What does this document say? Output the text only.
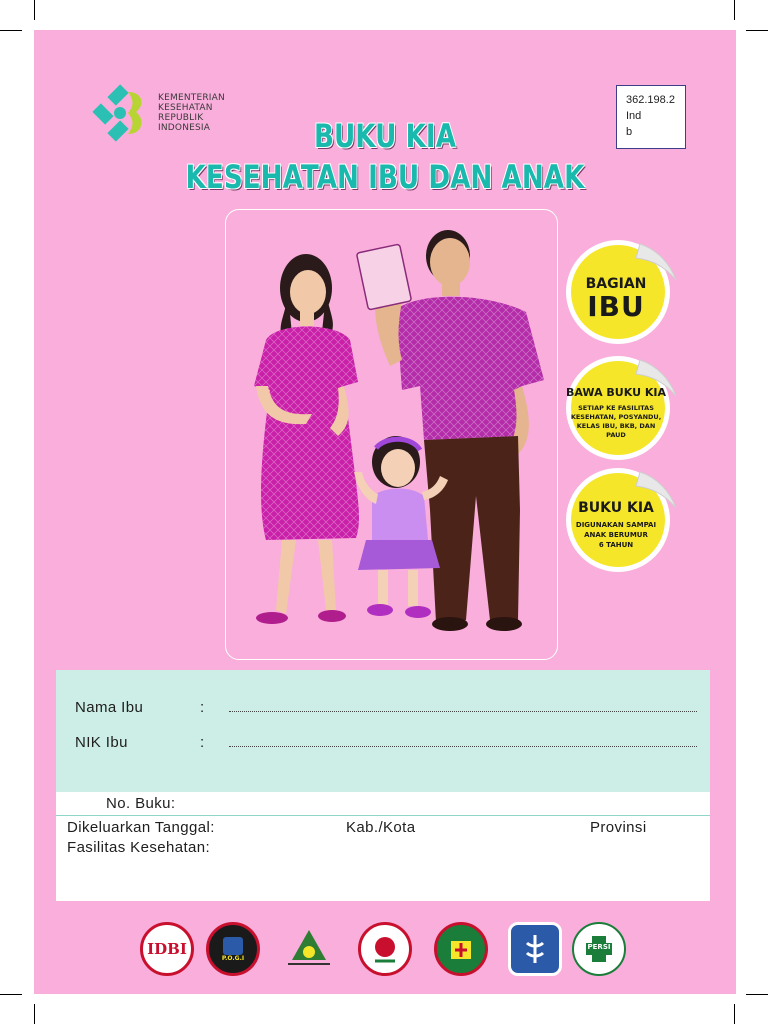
KEMENTERIAN
KESEHATAN
REPUBLIK
INDONESIA
362.198.2
Ind
b
BUKU KIA
KESEHATAN IBU DAN ANAK
BAGIAN
IBU
BAWA BUKU KIA
SETIAP KE FASILITAS
KESEHATAN, POSYANDU,
KELAS IBU, BKB, DAN
PAUD
BUKU KIA
DIGUNAKAN SAMPAI
ANAK BERUMUR
6 TAHUN
Nama Ibu	:
NIK Ibu	:
No. Buku:
Dikeluarkan Tanggal:	Kab./Kota	Provinsi
Fasilitas Kesehatan:
IDBI
P.O.G.I
PERSI
